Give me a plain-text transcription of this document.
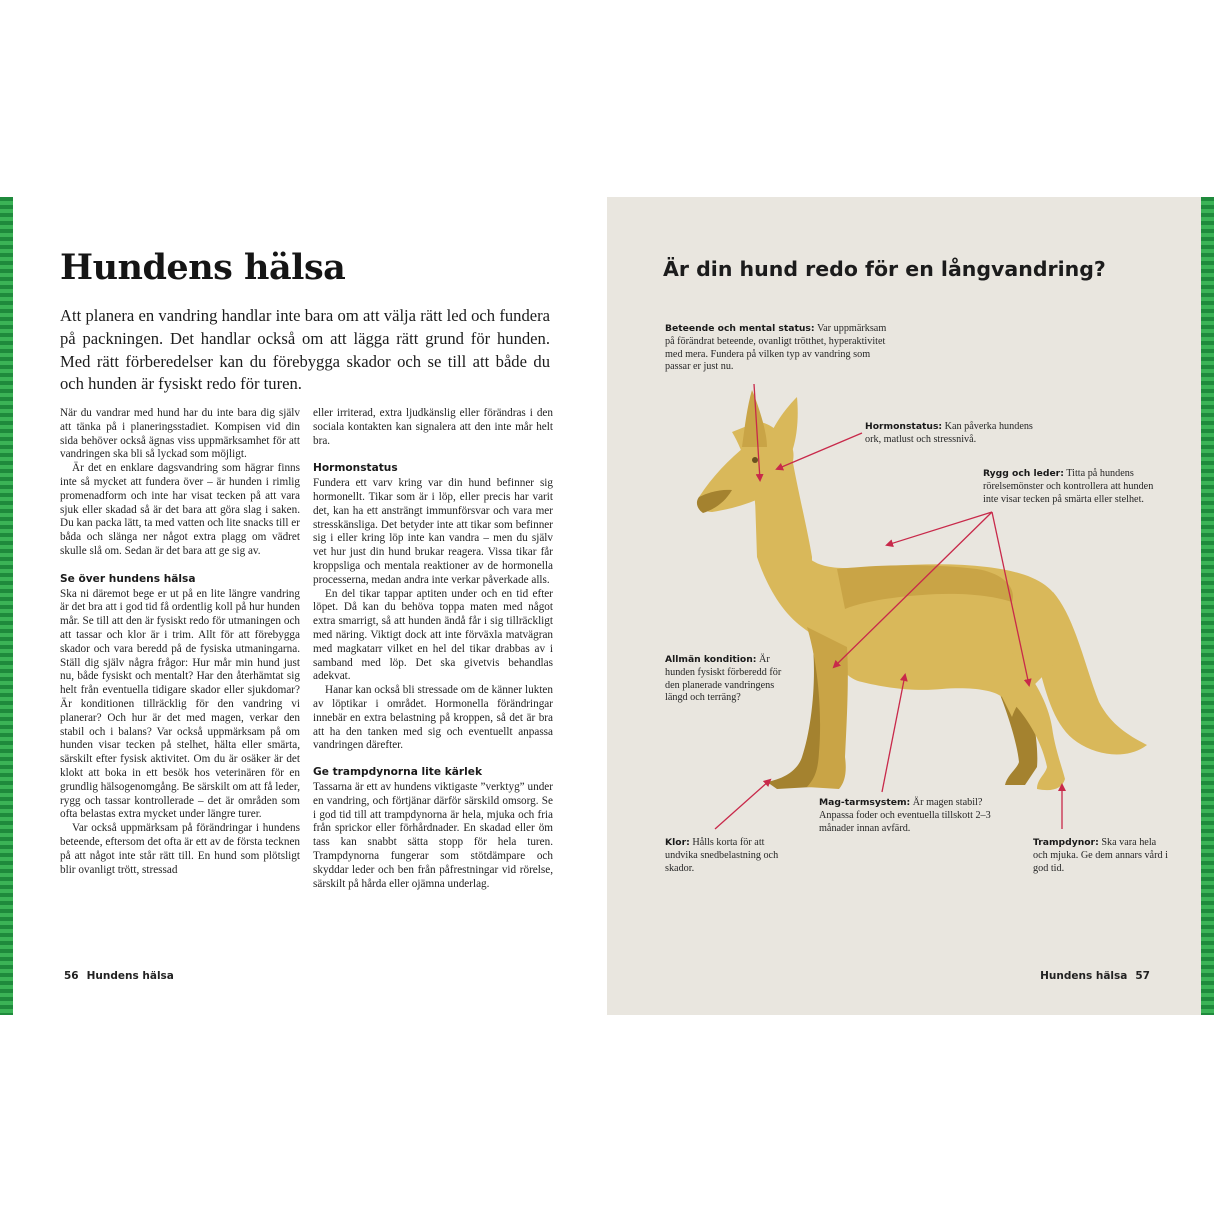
Hundens hälsa

Att planera en vandring handlar inte bara om att välja rätt led och fundera på packningen. Det handlar också om att lägga rätt grund för hunden. Med rätt förberedelser kan du förebygga skador och se till att både du och hunden är fysiskt redo för turen.

När du vandrar med hund har du inte bara dig själv att tänka på i planeringsstadiet. Kompisen vid din sida behöver också ägnas viss uppmärksamhet för att vandringen ska bli så lyckad som möjligt.

Är det en enklare dagsvandring som hägrar finns inte så mycket att fundera över – är hunden i rimlig promenadform och inte har visat tecken på att vara sjuk eller skadad så är det bara att göra slag i saken. Du kan packa lätt, ta med vatten och lite snacks till er båda och slänga ner något extra plagg om vädret skulle slå om. Sedan är det bara att ge sig av.

Se över hundens hälsa

Ska ni däremot bege er ut på en lite längre vandring är det bra att i god tid få ordentlig koll på hur hunden mår. Se till att den är fysiskt redo för utmaningen och att tassar och klor är i trim. Allt för att förebygga skador och vara beredd på de fysiska utmaningarna. Ställ dig själv några frågor: Hur mår min hund just nu, både fysiskt och mentalt? Har den återhämtat sig helt från eventuella tidigare skador eller sjukdomar? Är konditionen tillräcklig för den vandring vi planerar? Och hur är det med magen, verkar den stabil och i balans? Var också uppmärksam på om hunden visar tecken på stelhet, hälta eller smärta, särskilt efter fysisk aktivitet. Om du är osäker är det klokt att boka in ett besök hos veterinären för en grundlig hälsogenomgång. Be särskilt om att få leder, rygg och tassar kontrollerade – det är områden som ofta belastas extra mycket under längre turer.

Var också uppmärksam på förändringar i hundens beteende, eftersom det ofta är ett av de första tecknen på att något inte står rätt till. En hund som plötsligt blir ovanligt trött, stressad

eller irriterad, extra ljudkänslig eller förändras i den sociala kontakten kan signalera att den inte mår helt bra.

Hormonstatus

Fundera ett varv kring var din hund befinner sig hormonellt. Tikar som är i löp, eller precis har varit det, kan ha ett ansträngt immunförsvar och vara mer stresskänsliga. Det betyder inte att tikar som befinner sig i eller kring löp inte kan vandra – men du själv vet hur just din hund brukar reagera. Vissa tikar får kroppsliga och mentala reaktioner av de hormonella processerna, medan andra inte verkar påverkade alls.

En del tikar tappar aptiten under och en tid efter löpet. Då kan du behöva toppa maten med något extra smarrigt, så att hunden ändå får i sig tillräckligt med näring. Viktigt dock att inte förväxla matvägran med magkatarr vilket en hel del tikar drabbas av i samband med löp. Det ska givetvis behandlas adekvat.

Hanar kan också bli stressade om de känner lukten av löptikar i området. Hormonella förändringar innebär en extra belastning på kroppen, så det är bra att ha den tanken med sig och eventuellt anpassa vandringen därefter.

Ge trampdynorna lite kärlek

Tassarna är ett av hundens viktigaste ”verktyg” under en vandring, och förtjänar därför särskild omsorg. Se i god tid till att trampdynorna är hela, mjuka och fria från sprickor eller förhårdnader. En skadad eller öm tass kan snabbt sätta stopp för hela turen. Trampdynorna fungerar som stötdämpare och skyddar leder och ben från påfrestningar vid rörelse, särskilt på hårda eller ojämna underlag.

56 Hundens hälsa
Är din hund redo för en långvandring?
Beteende och mental status: Var uppmärksam på förändrat beteende, ovanligt trötthet, hyperaktivitet med mera. Fundera på vilken typ av vandring som passar er just nu.
Hormonstatus: Kan påverka hundens ork, matlust och stressnivå.
Rygg och leder: Titta på hundens rörelsemönster och kontrollera att hunden inte visar tecken på smärta eller stelhet.
Allmän kondition: Är hunden fysiskt förberedd för den planerade vandringens längd och terräng?
Mag-tarmsystem: Är magen stabil? Anpassa foder och eventuella tillskott 2–3 månader innan avfärd.
Klor: Hålls korta för att undvika snedbelastning och skador.
Trampdynor: Ska vara hela och mjuka. Ge dem annars vård i god tid.
Hundens hälsa 57
